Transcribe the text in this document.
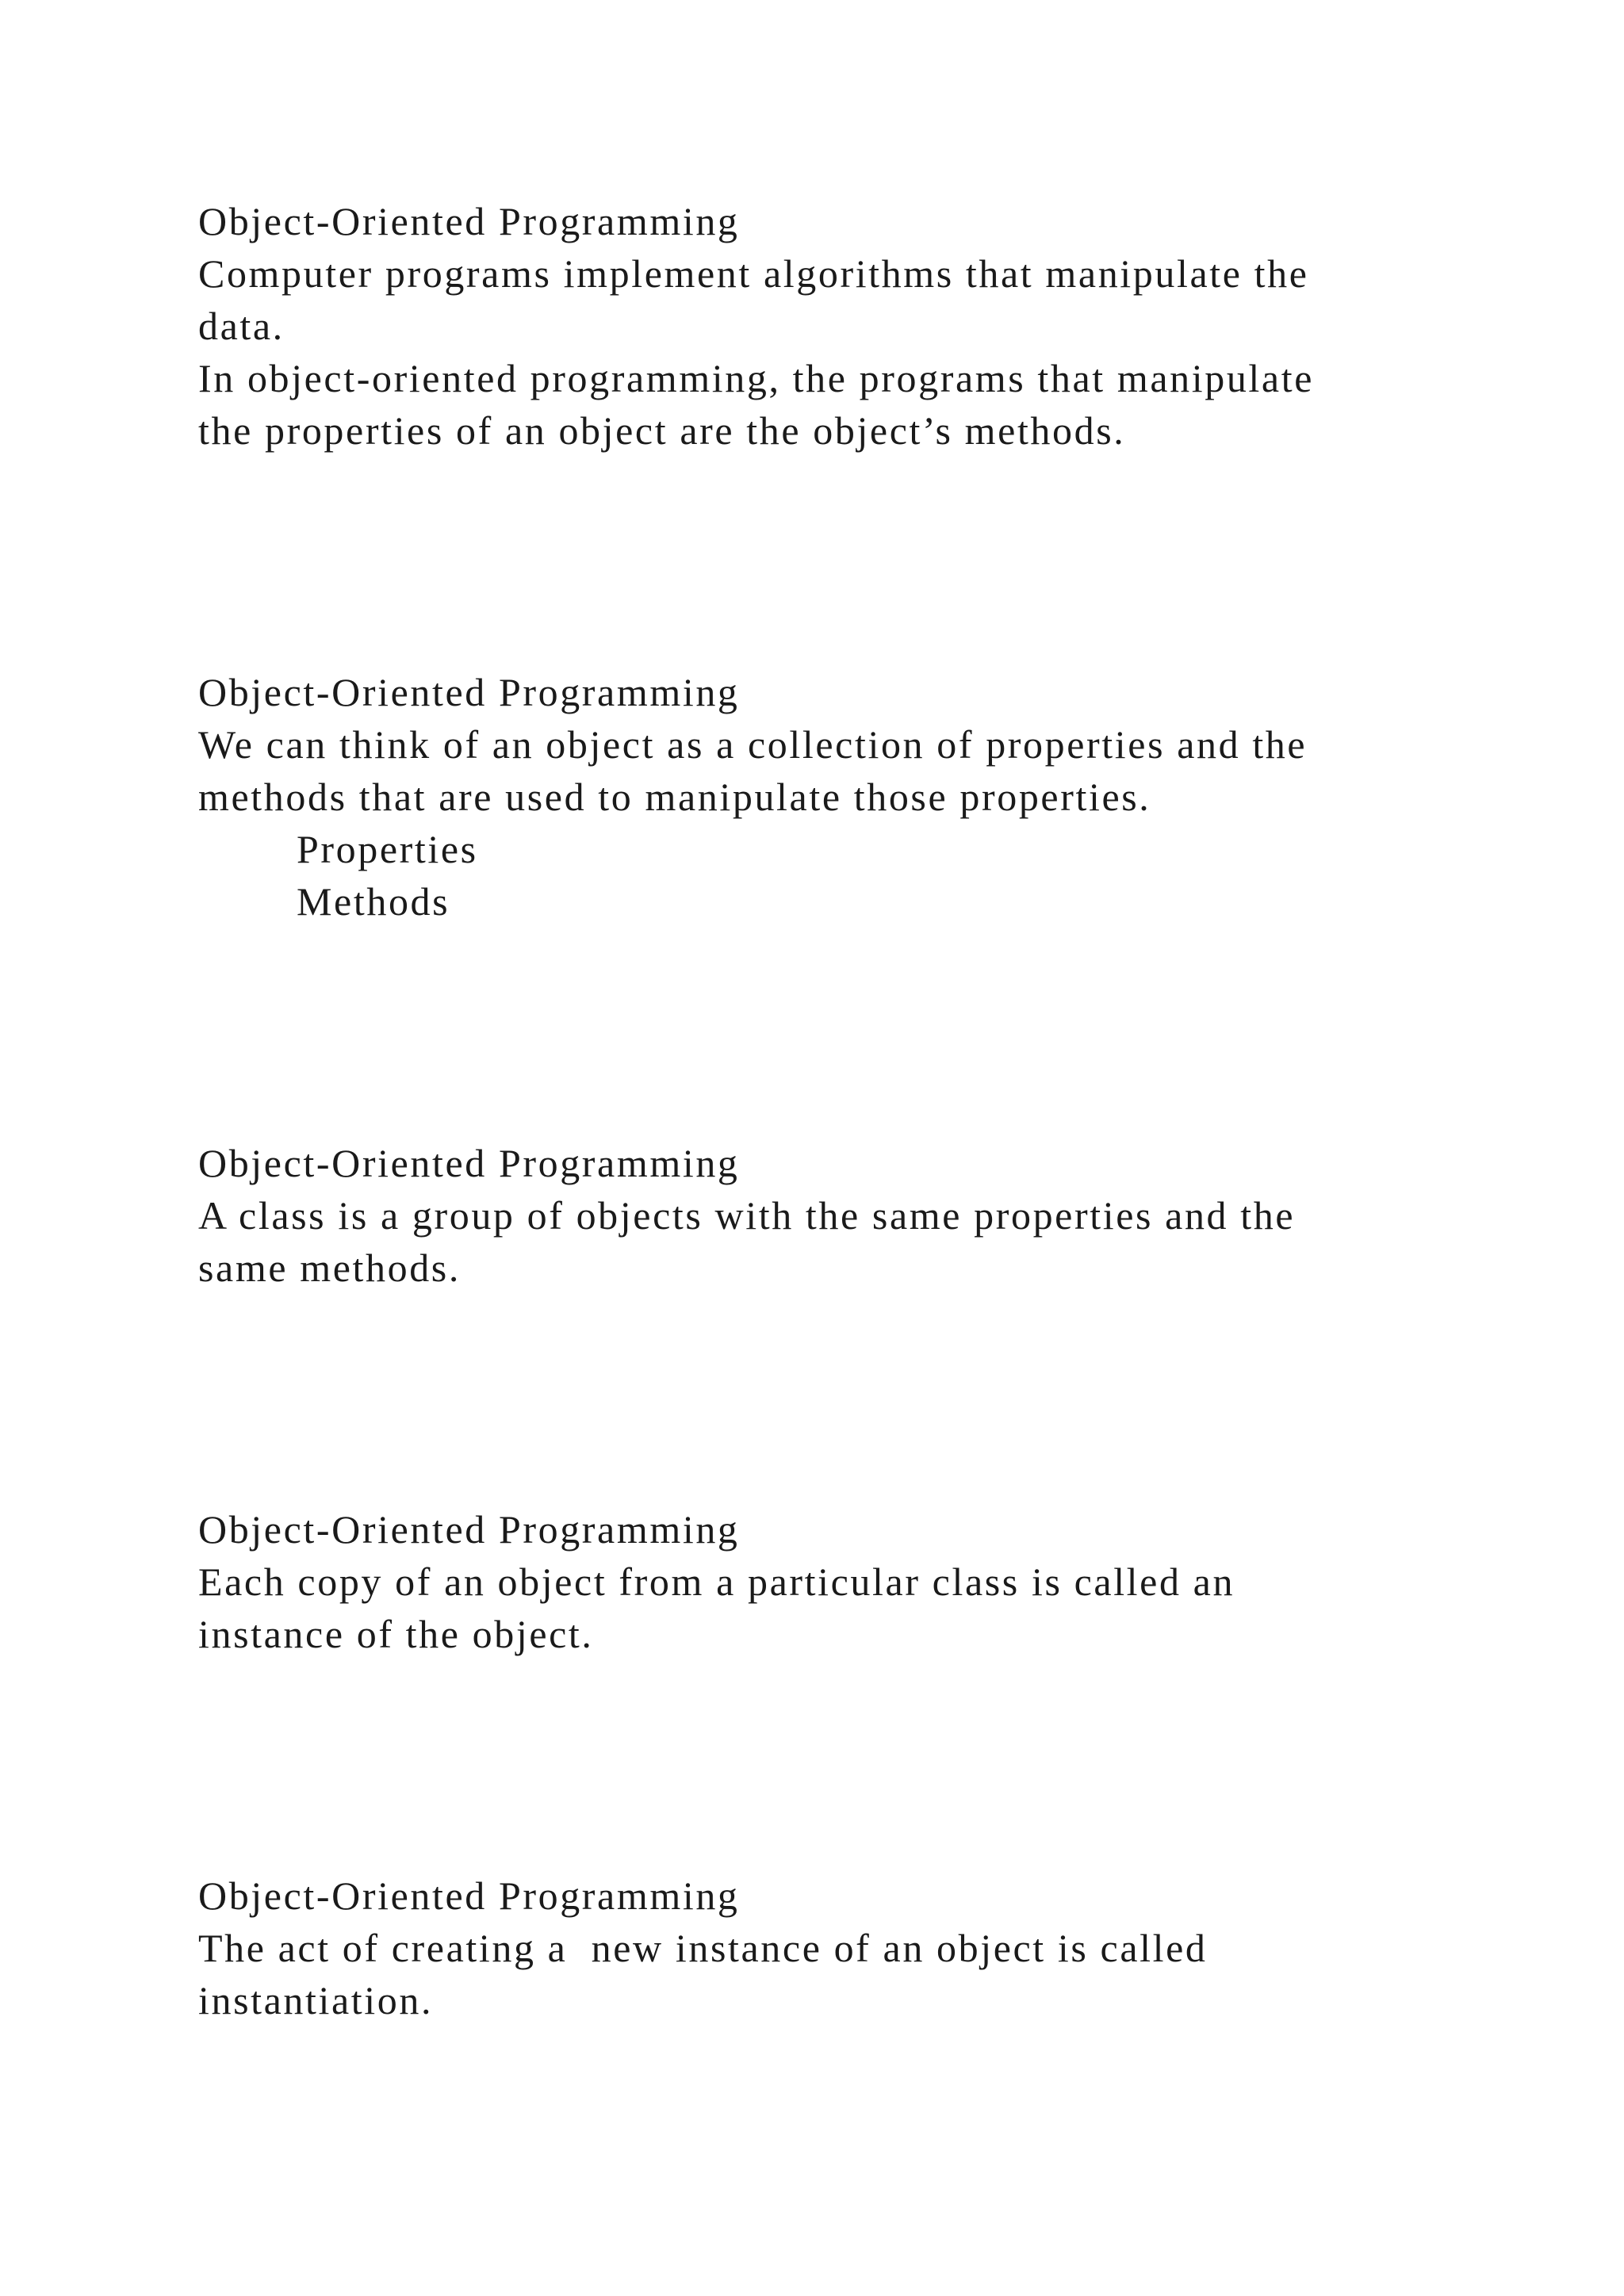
Object-Oriented Programming

Computer programs implement algorithms that manipulate the

data.

In object-oriented programming, the programs that manipulate

the properties of an object are the object’s methods.

Object-Oriented Programming

We can think of an object as a collection of properties and the

methods that are used to manipulate those properties.

Properties

Methods

Object-Oriented Programming

A class is a group of objects with the same properties and the

same methods.

Object-Oriented Programming

Each copy of an object from a particular class is called an

instance of the object.

Object-Oriented Programming

The act of creating a  new instance of an object is called

instantiation.
